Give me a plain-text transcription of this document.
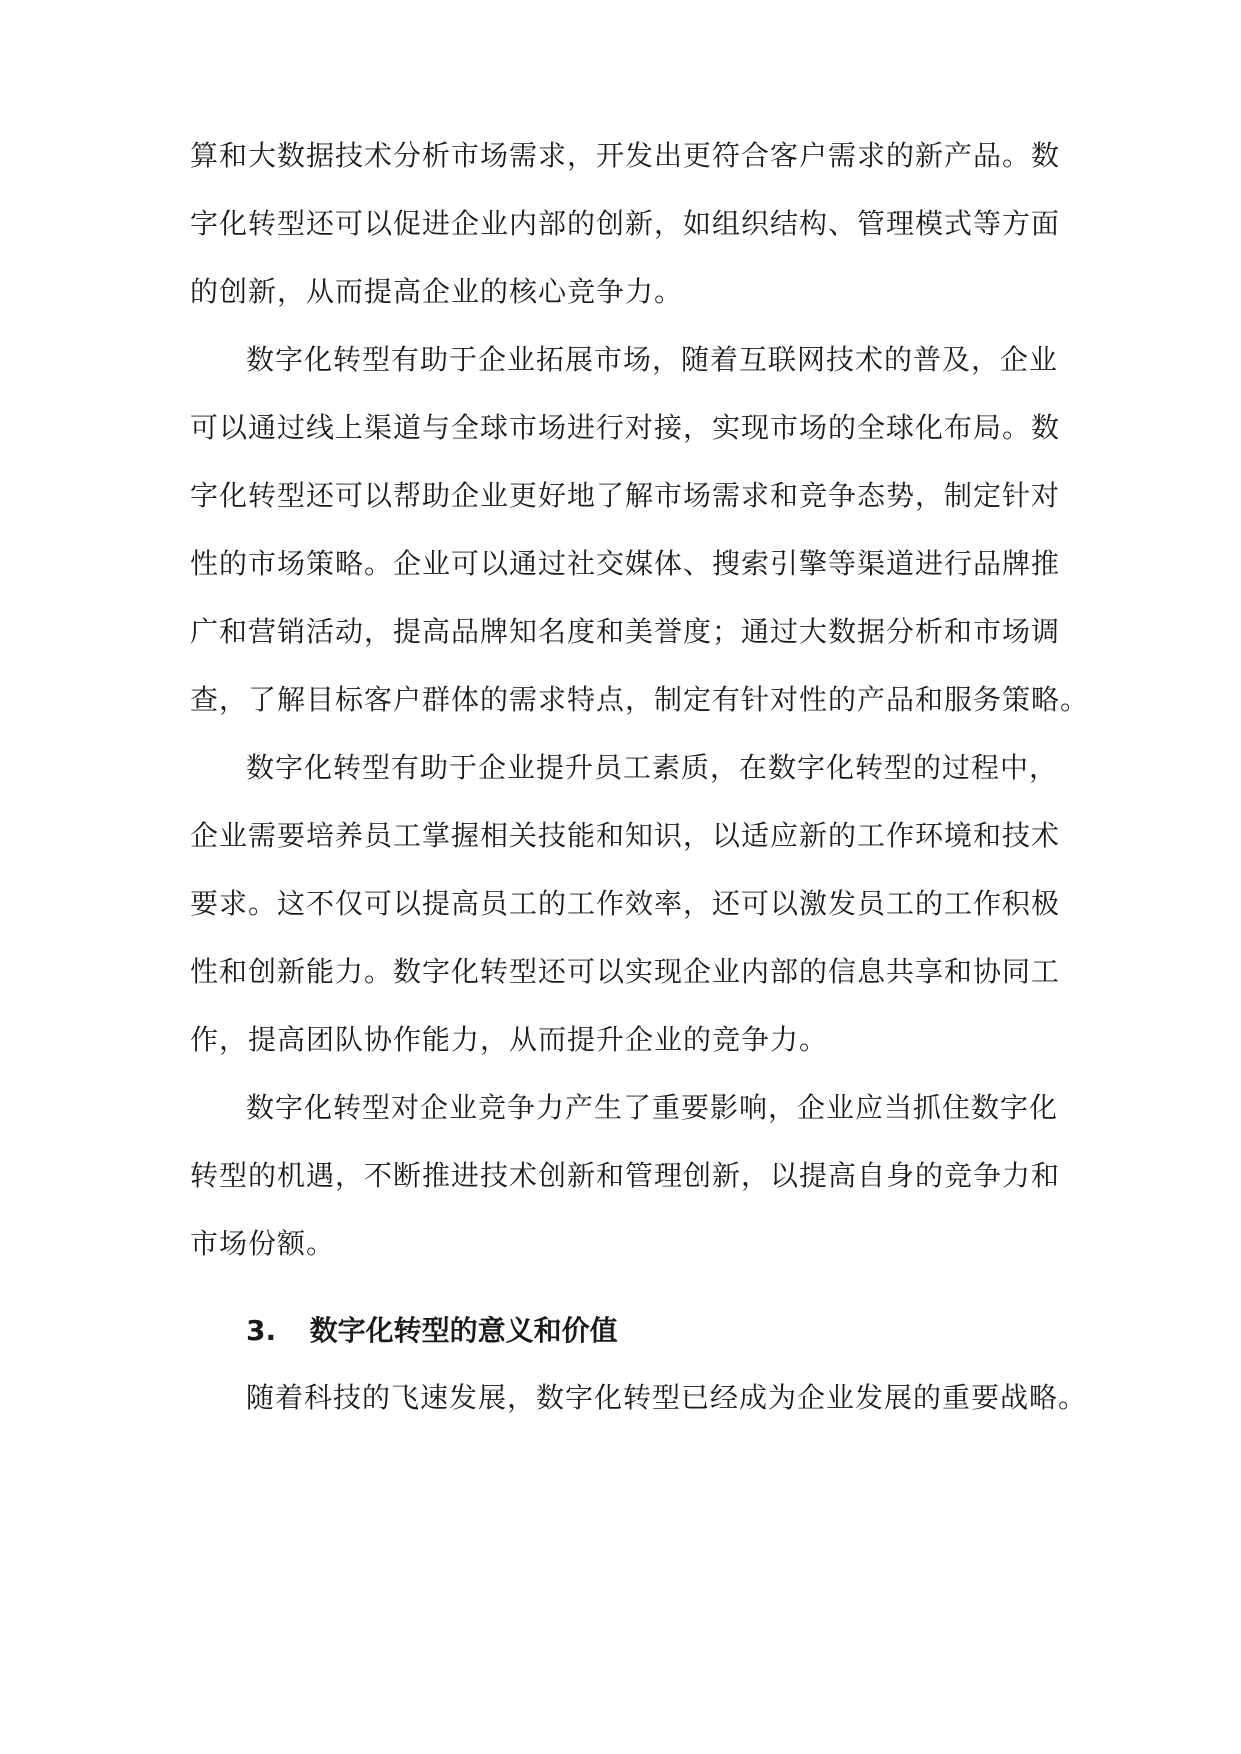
算和大数据技术分析市场需求，开发出更符合客户需求的新产品。数
字化转型还可以促进企业内部的创新，如组织结构、管理模式等方面
的创新，从而提高企业的核心竞争力。
数字化转型有助于企业拓展市场，随着互联网技术的普及，企业
可以通过线上渠道与全球市场进行对接，实现市场的全球化布局。数
字化转型还可以帮助企业更好地了解市场需求和竞争态势，制定针对
性的市场策略。企业可以通过社交媒体、搜索引擎等渠道进行品牌推
广和营销活动，提高品牌知名度和美誉度；通过大数据分析和市场调
查，了解目标客户群体的需求特点，制定有针对性的产品和服务策略。
数字化转型有助于企业提升员工素质，在数字化转型的过程中，
企业需要培养员工掌握相关技能和知识，以适应新的工作环境和技术
要求。这不仅可以提高员工的工作效率，还可以激发员工的工作积极
性和创新能力。数字化转型还可以实现企业内部的信息共享和协同工
作，提高团队协作能力，从而提升企业的竞争力。
数字化转型对企业竞争力产生了重要影响，企业应当抓住数字化
转型的机遇，不断推进技术创新和管理创新，以提高自身的竞争力和
市场份额。
3. 数字化转型的意义和价值
随着科技的飞速发展，数字化转型已经成为企业发展的重要战略。
